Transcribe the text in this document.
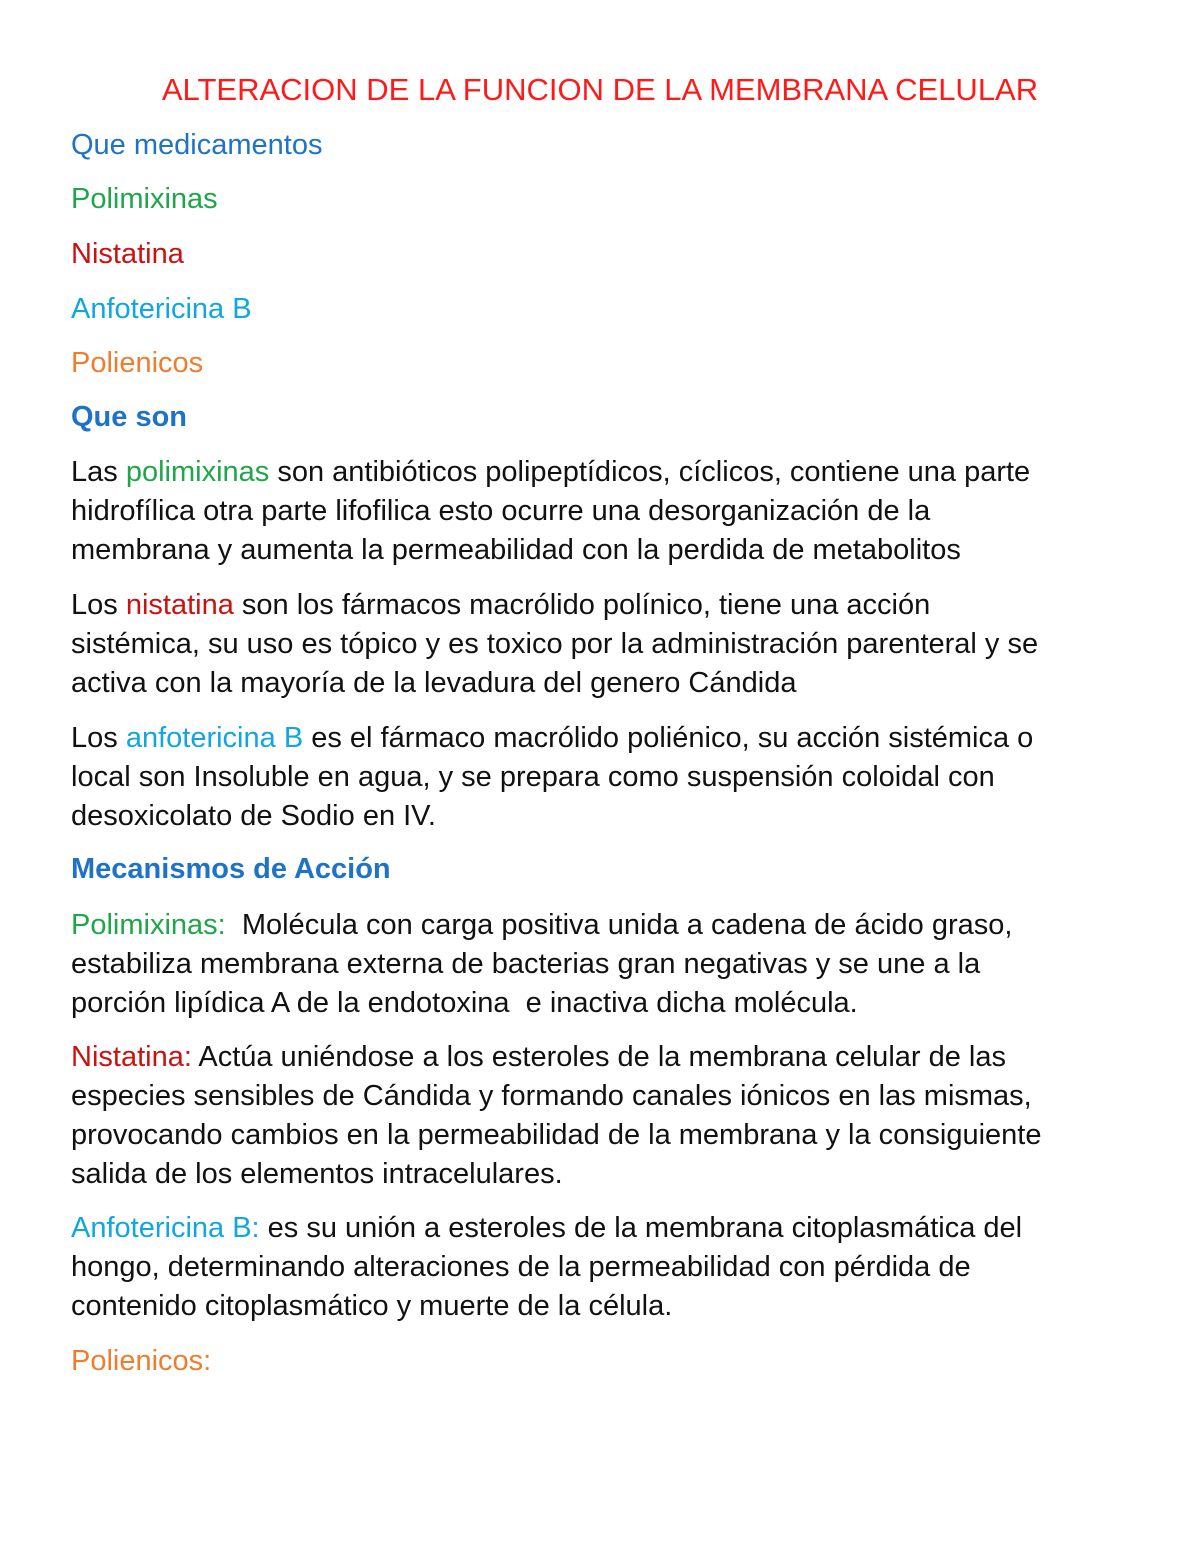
ALTERACION DE LA FUNCION DE LA MEMBRANA CELULAR
Que medicamentos
Polimixinas
Nistatina
Anfotericina B
Polienicos
Que son
Las polimixinas son antibióticos polipeptídicos, cíclicos, contiene una parte
hidrofílica otra parte lifofilica esto ocurre una desorganización de la
membrana y aumenta la permeabilidad con la perdida de metabolitos
Los nistatina son los fármacos macrólido polínico, tiene una acción
sistémica, su uso es tópico y es toxico por la administración parenteral y se
activa con la mayoría de la levadura del genero Cándida
Los anfotericina B es el fármaco macrólido poliénico, su acción sistémica o
local son Insoluble en agua, y se prepara como suspensión coloidal con
desoxicolato de Sodio en IV.
Mecanismos de Acción
Polimixinas:  Molécula con carga positiva unida a cadena de ácido graso,
estabiliza membrana externa de bacterias gran negativas y se une a la
porción lipídica A de la endotoxina  e inactiva dicha molécula.
Nistatina: Actúa uniéndose a los esteroles de la membrana celular de las
especies sensibles de Cándida y formando canales iónicos en las mismas,
provocando cambios en la permeabilidad de la membrana y la consiguiente
salida de los elementos intracelulares.
Anfotericina B: es su unión a esteroles de la membrana citoplasmática del
hongo, determinando alteraciones de la permeabilidad con pérdida de
contenido citoplasmático y muerte de la célula.
Polienicos:
